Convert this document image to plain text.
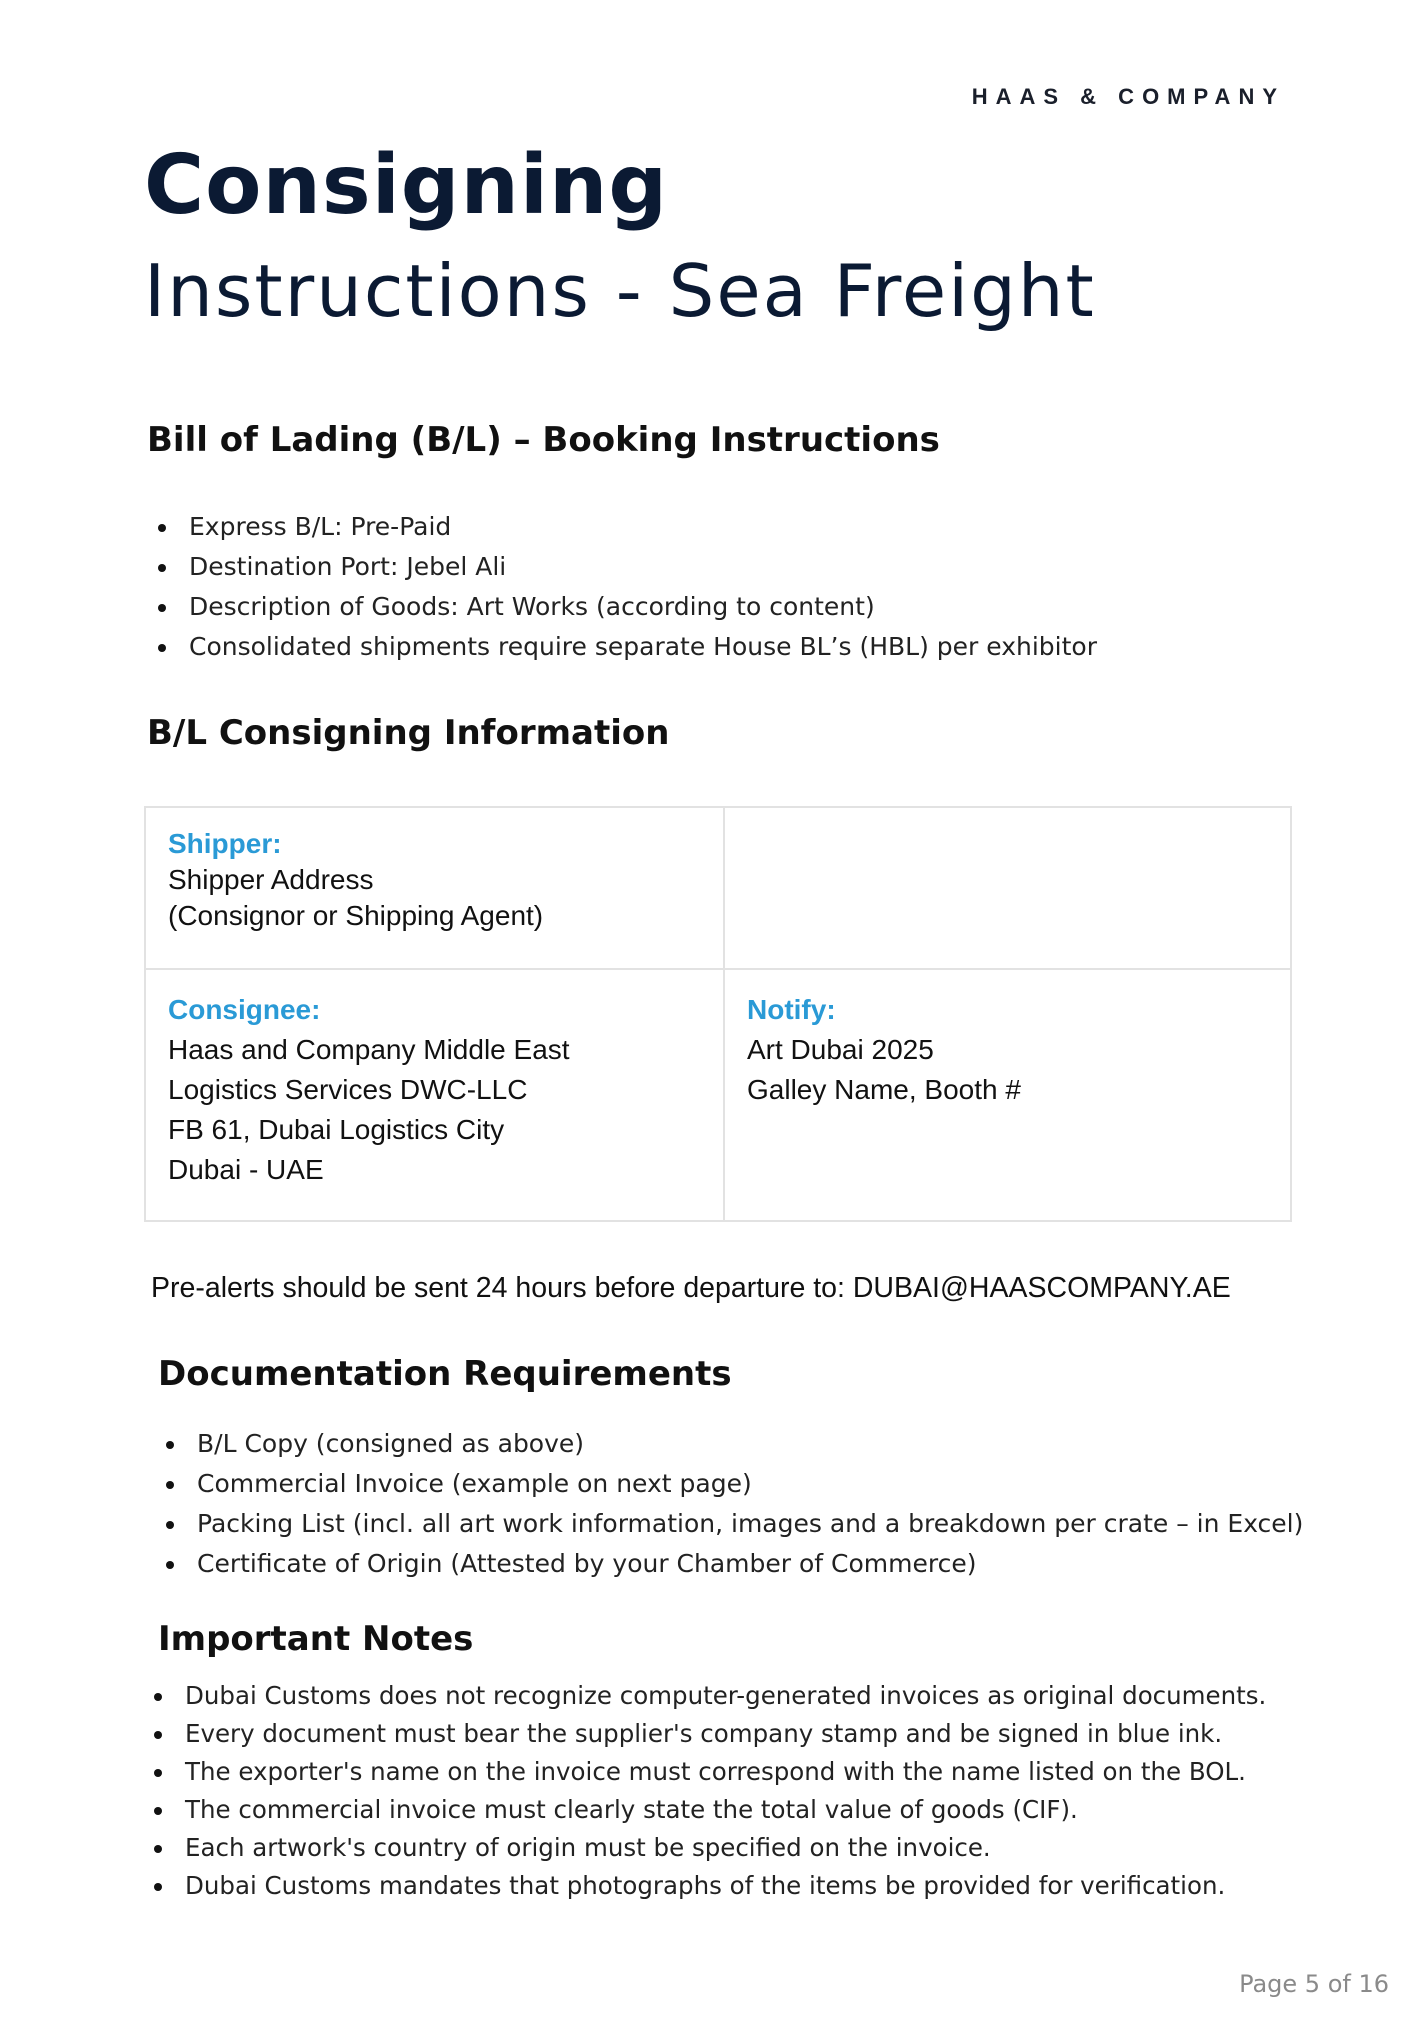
HAAS & COMPANY
Consigning
Instructions - Sea Freight
Bill of Lading (B/L) – Booking Instructions
Express B/L: Pre-Paid
Destination Port: Jebel Ali
Description of Goods: Art Works (according to content)
Consolidated shipments require separate House BL’s (HBL) per exhibitor
B/L Consigning Information
Shipper:
Shipper Address
(Consignor or Shipping Agent)
Consignee:
Haas and Company Middle East
Logistics Services DWC-LLC
FB 61, Dubai Logistics City
Dubai - UAE
Notify:
Art Dubai 2025
Galley Name, Booth #
Pre-alerts should be sent 24 hours before departure to: DUBAI@HAASCOMPANY.AE
Documentation Requirements
B/L Copy (consigned as above)
Commercial Invoice (example on next page)
Packing List (incl. all art work information, images and a breakdown per crate – in Excel)
Certificate of Origin (Attested by your Chamber of Commerce)
Important Notes
Dubai Customs does not recognize computer-generated invoices as original documents.
Every document must bear the supplier's company stamp and be signed in blue ink.
The exporter's name on the invoice must correspond with the name listed on the BOL.
The commercial invoice must clearly state the total value of goods (CIF).
Each artwork's country of origin must be specified on the invoice.
Dubai Customs mandates that photographs of the items be provided for verification.
Page 5 of 16
